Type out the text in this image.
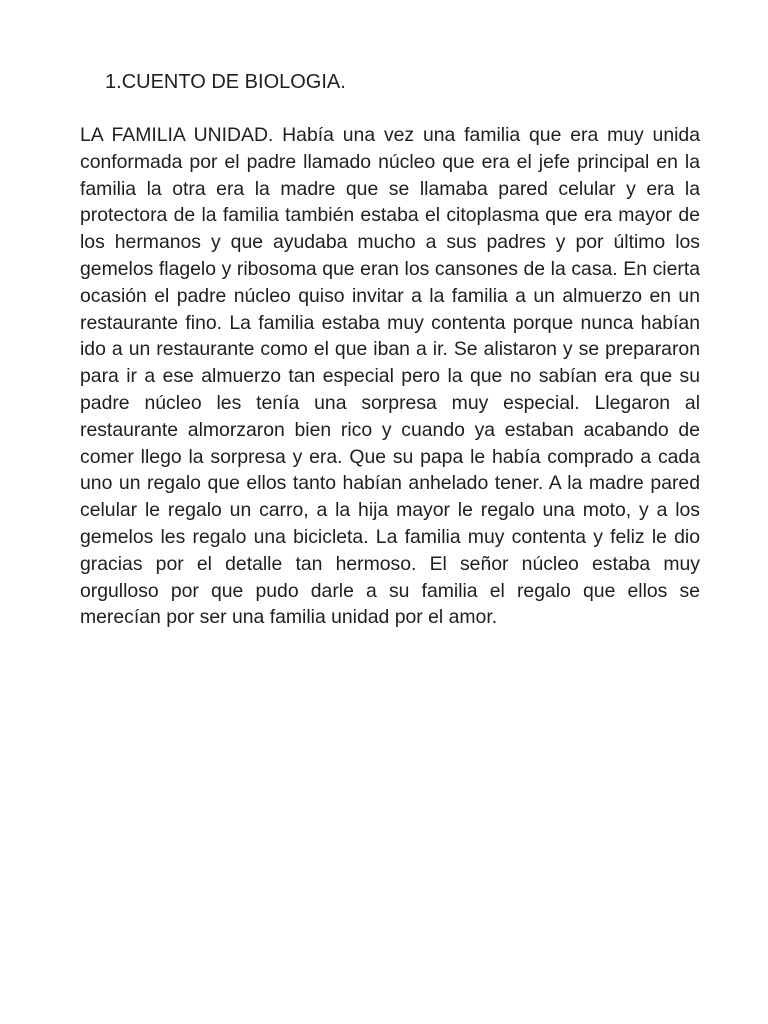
1.CUENTO DE BIOLOGIA.
LA FAMILIA UNIDAD. Había una vez una familia que era muy unida conformada por el padre llamado núcleo que era el jefe principal en la familia la otra era la madre que se llamaba pared celular y era la protectora de la familia también estaba el citoplasma que era mayor de los hermanos y que ayudaba mucho a sus padres y por último los gemelos flagelo y ribosoma que eran los cansones de la casa. En cierta ocasión el padre núcleo quiso invitar a la familia a un almuerzo en un restaurante fino. La familia estaba muy contenta porque nunca habían ido a un restaurante como el que iban a ir. Se alistaron y se prepararon para ir a ese almuerzo tan especial pero la que no sabían era que su padre núcleo les tenía una sorpresa muy especial. Llegaron al restaurante almorzaron bien rico y cuando ya estaban acabando de comer llego la sorpresa y era. Que su papa le había comprado a cada uno un regalo que ellos tanto habían anhelado tener. A la madre pared celular le regalo un carro, a la hija mayor le regalo una moto, y a los gemelos les regalo una bicicleta. La familia muy contenta y feliz le dio gracias por el detalle tan hermoso. El señor núcleo estaba muy orgulloso por que pudo darle a su familia el regalo que ellos se merecían por ser una familia unidad por el amor.
